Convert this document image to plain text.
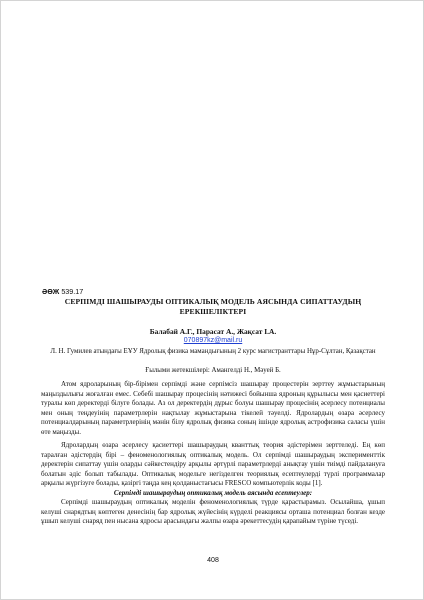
ӘӨЖ 539.17
СЕРПІМДІ ШАШЫРАУДЫ ОПТИКАЛЫҚ МОДЕЛЬ АЯСЫНДА СИПАТТАУДЫҢ ЕРЕКШЕЛІКТЕРІ
Балабай А.Г., Парасат А., Жақсат І.А.
070897kz@mail.ru
Л. Н. Гумилев атындағы ЕҰУ Ядролық физика мамандығының 2 курс магистранттары Нұр-Сұлтан, Қазақстан
Ғылыми жетекшілері: Амангелді Н., Мәуей Б.

Атом ядроларының бір-бірімен серпімді және серпімсіз шашырау процестерін зерттеу жұмыстарының маңыздылығы жоғалған емес. Себебі шашырау процесінің нәтижесі бойынша ядроның құрылысы мен қасиеттері туралы көп деректерді білуге болады. Аз ол деректердің дұрыс болуы шашырау процесінің әсерлесу потенциалы мен оның теңдеуінің параметрлерін нақтылау жұмыстарына тікелей тәуелді. Ядролардың өзара әсерлесу потенциалдарының параметрлерінің мәнін білу ядролық физика соның ішінде ядролық астрофизика саласы үшін өте маңызды.

Ядролардың өзара әсерлесу қасиеттері шашыраудың кванттық теория әдістерімен зерттеледі. Ең көп таралған әдістердің бірі – феноменологиялық оптикалық модель. Ол серпімді шашыраудың эксперименттік деректерін сипаттау үшін оларды сәйкестендіру арқылы әртүрлі параметрлерді анықтау үшін тиімді пайдалануға болатын әдіс болып табылады. Оптикалық модельге негізделген теориялық есептеулерді түрлі программалар арқылы жүргізуге болады, қазіргі таңда кең қолданыстағысы FRESCO компьютерлік коды [1].

Серпімді шашыраудың оптикалық модель аясында есептеулер:

Серпімді шашыраудың оптикалық моделін феноменологиялық түрде қарастырамыз. Осылайша, ұшып келуші снарядтың көптеген денесінің бар ядролық жүйесінің күрделі реакциясы орташа потенциал болған кезде ұшып келуші снаряд пен нысана ядросы арасындағы жалпы өзара әрекеттесудің қарапайым түріне түседі.

408
